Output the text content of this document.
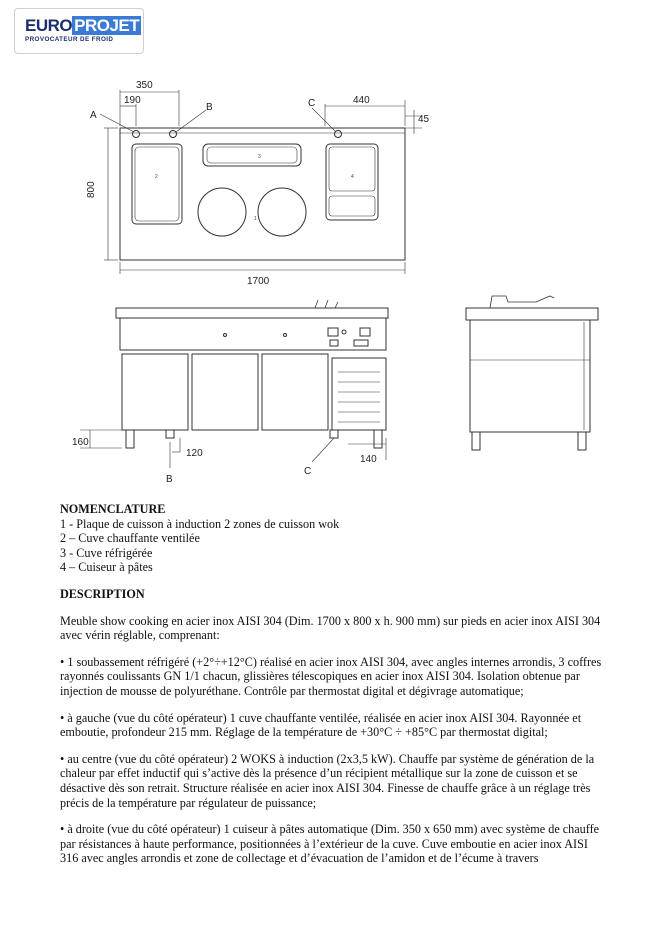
EURO PROJET
PROVOCATEUR DE FROID
350
190	440
45
800
1700
160
120
140
A
B	C
B
C
1
2
3
4

NOMENCLATURE

1 - Plaque de cuisson à induction 2 zones de cuisson wok

2 – Cuve chauffante ventilée

3 - Cuve réfrigérée

4 – Cuiseur à pâtes

DESCRIPTION

Meuble show cooking en acier inox AISI 304 (Dim. 1700 x 800 x h. 900 mm) sur pieds en acier inox AISI 304 avec vérin réglable, comprenant:

• 1 soubassement réfrigéré (+2°÷+12°C) réalisé en acier inox AISI 304, avec angles internes arrondis, 3 coffres rayonnés coulissants GN 1/1 chacun, glissières télescopiques en acier inox AISI 304. Isolation obtenue par injection de mousse de polyuréthane. Contrôle par thermostat digital et dégivrage automatique;

• à gauche (vue du côté opérateur) 1 cuve chauffante ventilée, réalisée en acier inox AISI 304. Rayonnée et emboutie, profondeur 215 mm. Réglage de la température de +30°C ÷ +85°C par thermostat digital;

• au centre (vue du côté opérateur) 2 WOKS à induction (2x3,5 kW). Chauffe par système de génération de la chaleur par effet inductif qui s’active dès la présence d’un récipient métallique sur la zone de cuisson et se désactive dès son retrait. Structure réalisée en acier inox AISI 304. Finesse de chauffe grâce à un réglage très précis de la température par régulateur de puissance;

• à droite (vue du côté opérateur) 1 cuiseur à pâtes automatique (Dim. 350 x 650 mm) avec système de chauffe par résistances à haute performance, positionnées à l’extérieur de la cuve. Cuve emboutie en acier inox AISI 316 avec angles arrondis et zone de collectage et d’évacuation de l’amidon et de l’écume à travers
